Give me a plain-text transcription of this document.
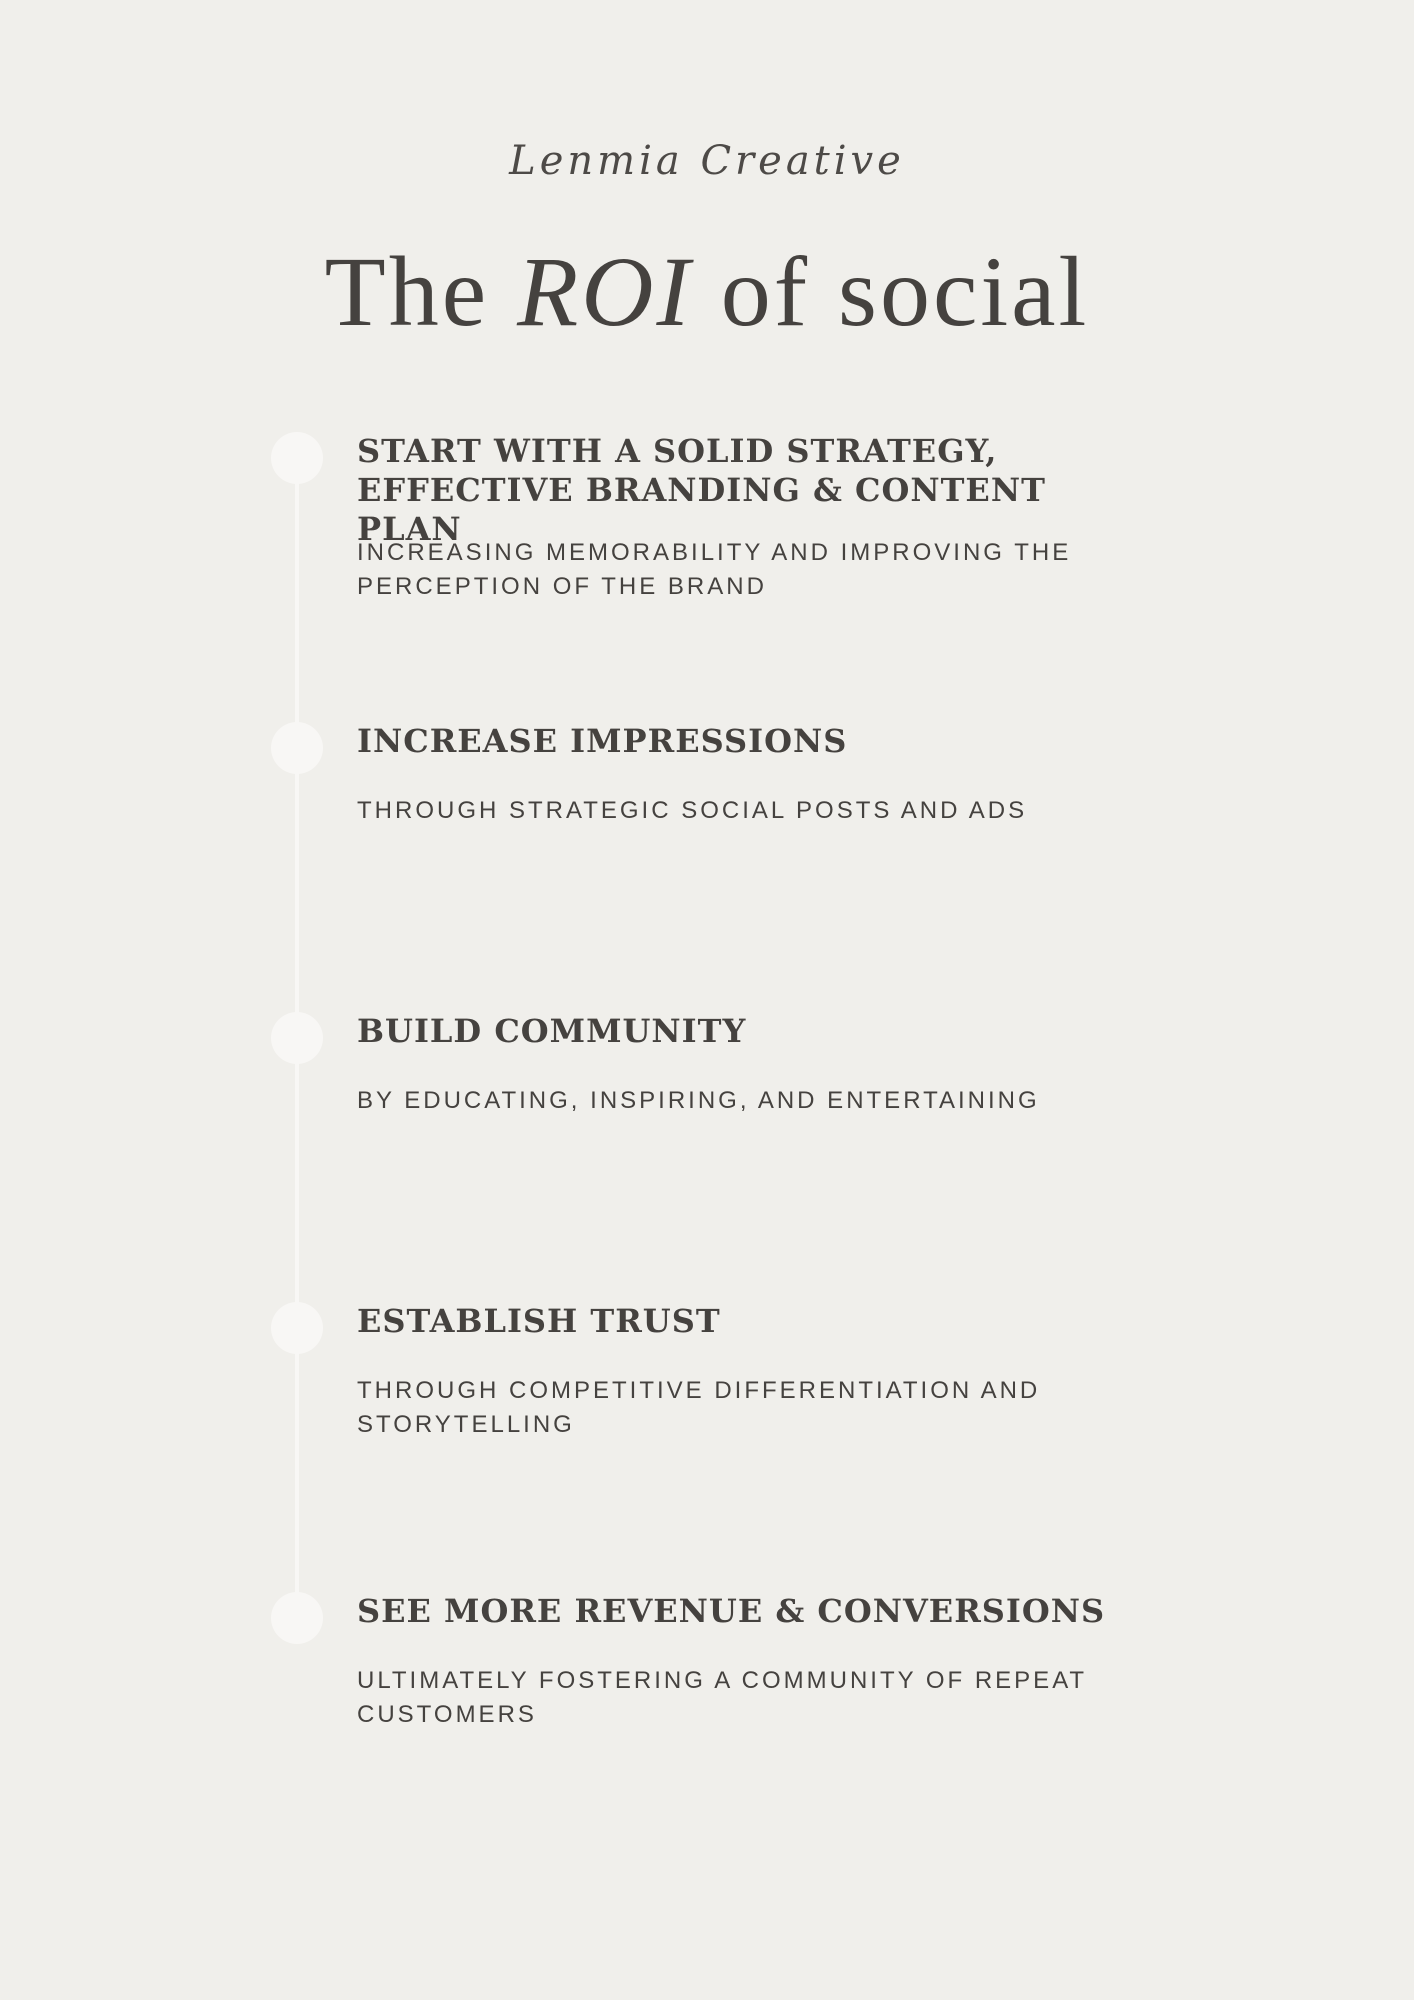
Lenmia Creative
The ROI of social
START WITH A SOLID STRATEGY, EFFECTIVE BRANDING & CONTENT PLAN

INCREASING MEMORABILITY AND IMPROVING THE PERCEPTION OF THE BRAND

INCREASE IMPRESSIONS

THROUGH STRATEGIC SOCIAL POSTS AND ADS

BUILD COMMUNITY

BY EDUCATING, INSPIRING, AND ENTERTAINING

ESTABLISH TRUST

THROUGH COMPETITIVE DIFFERENTIATION AND STORYTELLING

SEE MORE REVENUE & CONVERSIONS

ULTIMATELY FOSTERING A COMMUNITY OF REPEAT CUSTOMERS
